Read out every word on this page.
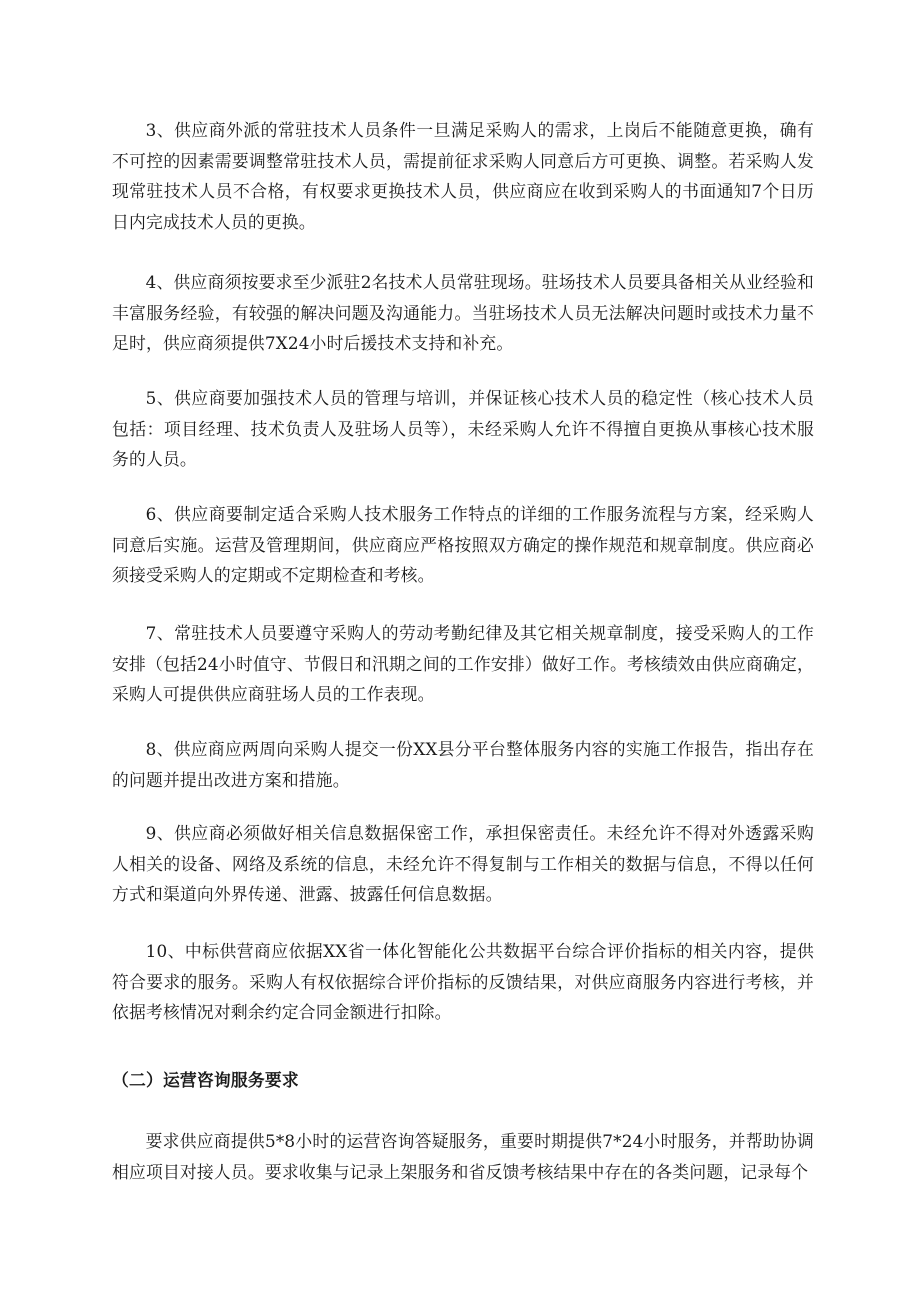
3、供应商外派的常驻技术人员条件一旦满足采购人的需求，上岗后不能随意更换，确有不可控的因素需要调整常驻技术人员，需提前征求采购人同意后方可更换、调整。若采购人发现常驻技术人员不合格，有权要求更换技术人员，供应商应在收到采购人的书面通知7个日历日内完成技术人员的更换。

4、供应商须按要求至少派驻2名技术人员常驻现场。驻场技术人员要具备相关从业经验和丰富服务经验，有较强的解决问题及沟通能力。当驻场技术人员无法解决问题时或技术力量不足时，供应商须提供7X24小时后援技术支持和补充。

5、供应商要加强技术人员的管理与培训，并保证核心技术人员的稳定性（核心技术人员包括：项目经理、技术负责人及驻场人员等），未经采购人允许不得擅自更换从事核心技术服务的人员。

6、供应商要制定适合采购人技术服务工作特点的详细的工作服务流程与方案，经采购人同意后实施。运营及管理期间，供应商应严格按照双方确定的操作规范和规章制度。供应商必须接受采购人的定期或不定期检查和考核。

7、常驻技术人员要遵守采购人的劳动考勤纪律及其它相关规章制度，接受采购人的工作安排（包括24小时值守、节假日和汛期之间的工作安排）做好工作。考核绩效由供应商确定，采购人可提供供应商驻场人员的工作表现。

8、供应商应两周向采购人提交一份XX县分平台整体服务内容的实施工作报告，指出存在的问题并提出改进方案和措施。

9、供应商必须做好相关信息数据保密工作，承担保密责任。未经允许不得对外透露采购人相关的设备、网络及系统的信息，未经允许不得复制与工作相关的数据与信息，不得以任何方式和渠道向外界传递、泄露、披露任何信息数据。

10、中标供营商应依据XX省一体化智能化公共数据平台综合评价指标的相关内容，提供符合要求的服务。采购人有权依据综合评价指标的反馈结果，对供应商服务内容进行考核，并依据考核情况对剩余约定合同金额进行扣除。

（二）运营咨询服务要求

要求供应商提供5*8小时的运营咨询答疑服务，重要时期提供7*24小时服务，并帮助协调相应项目对接人员。要求收集与记录上架服务和省反馈考核结果中存在的各类问题，记录每个
